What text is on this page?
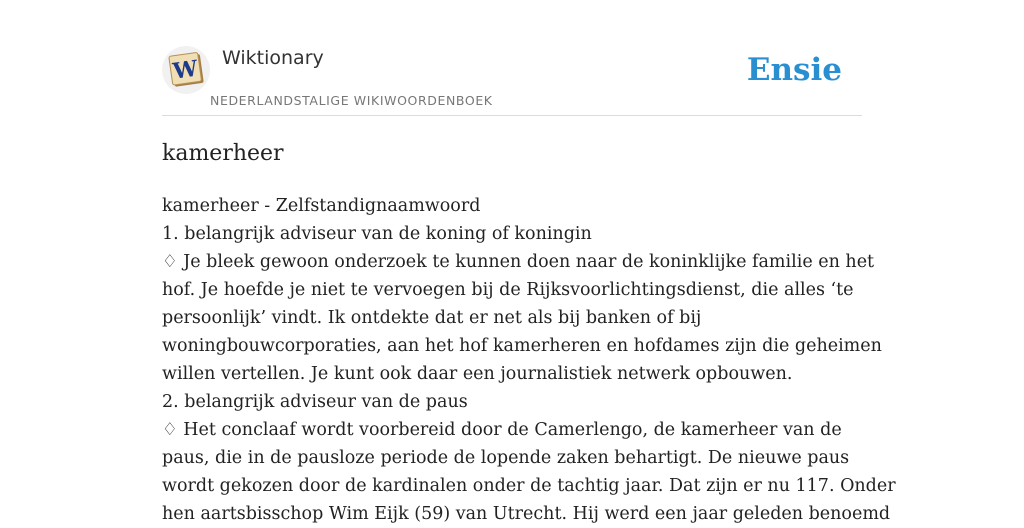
W Wiktionary
NEDERLANDSTALIGE WIKIWOORDENBOEK
Ensie
kamerheer
kamerheer - Zelfstandignaamwoord
1. belangrijk adviseur van de koning of koningin
♢ Je bleek gewoon onderzoek te kunnen doen naar de koninklijke familie en het
hof. Je hoefde je niet te vervoegen bij de Rijksvoorlichtingsdienst, die alles ‘te
persoonlijk’ vindt. Ik ontdekte dat er net als bij banken of bij
woningbouwcorporaties, aan het hof kamerheren en hofdames zijn die geheimen
willen vertellen. Je kunt ook daar een journalistiek netwerk opbouwen.
2. belangrijk adviseur van de paus
♢ Het conclaaf wordt voorbereid door de Camerlengo, de kamerheer van de
paus, die in de pausloze periode de lopende zaken behartigt. De nieuwe paus
wordt gekozen door de kardinalen onder de tachtig jaar. Dat zijn er nu 117. Onder
hen aartsbisschop Wim Eijk (59) van Utrecht. Hij werd een jaar geleden benoemd
